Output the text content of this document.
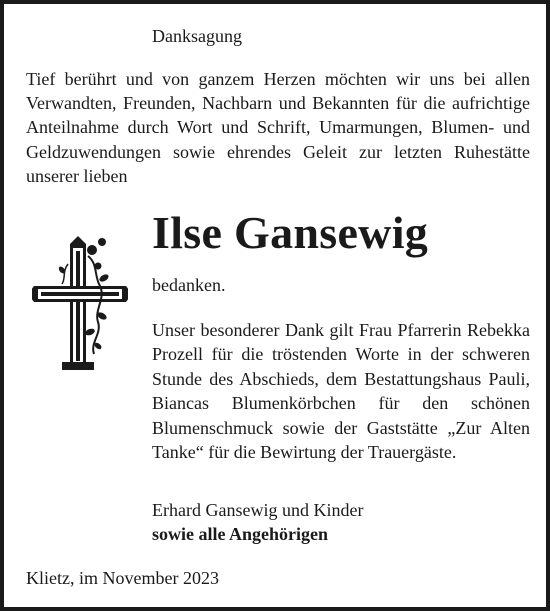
Danksagung
Tief berührt und von ganzem Herzen möchten wir uns bei allen Verwandten, Freunden, Nachbarn und Bekannten für die aufrichtige Anteilnahme durch Wort und Schrift, Umarmungen, Blumen- und Geldzuwendungen sowie ehrendes Geleit zur letzten Ruhestätte unserer lieben
Ilse Gansewig
bedanken.
Unser besonderer Dank gilt Frau Pfarrerin Rebekka Prozell für die tröstenden Worte in der schweren Stunde des Abschieds, dem Bestattungshaus Pauli, Biancas Blumenkörbchen für den schönen Blumenschmuck sowie der Gaststätte „Zur Alten Tanke“ für die Bewirtung der Trauergäste.
Erhard Gansewig und Kinder
sowie alle Angehörigen
Klietz, im November 2023
